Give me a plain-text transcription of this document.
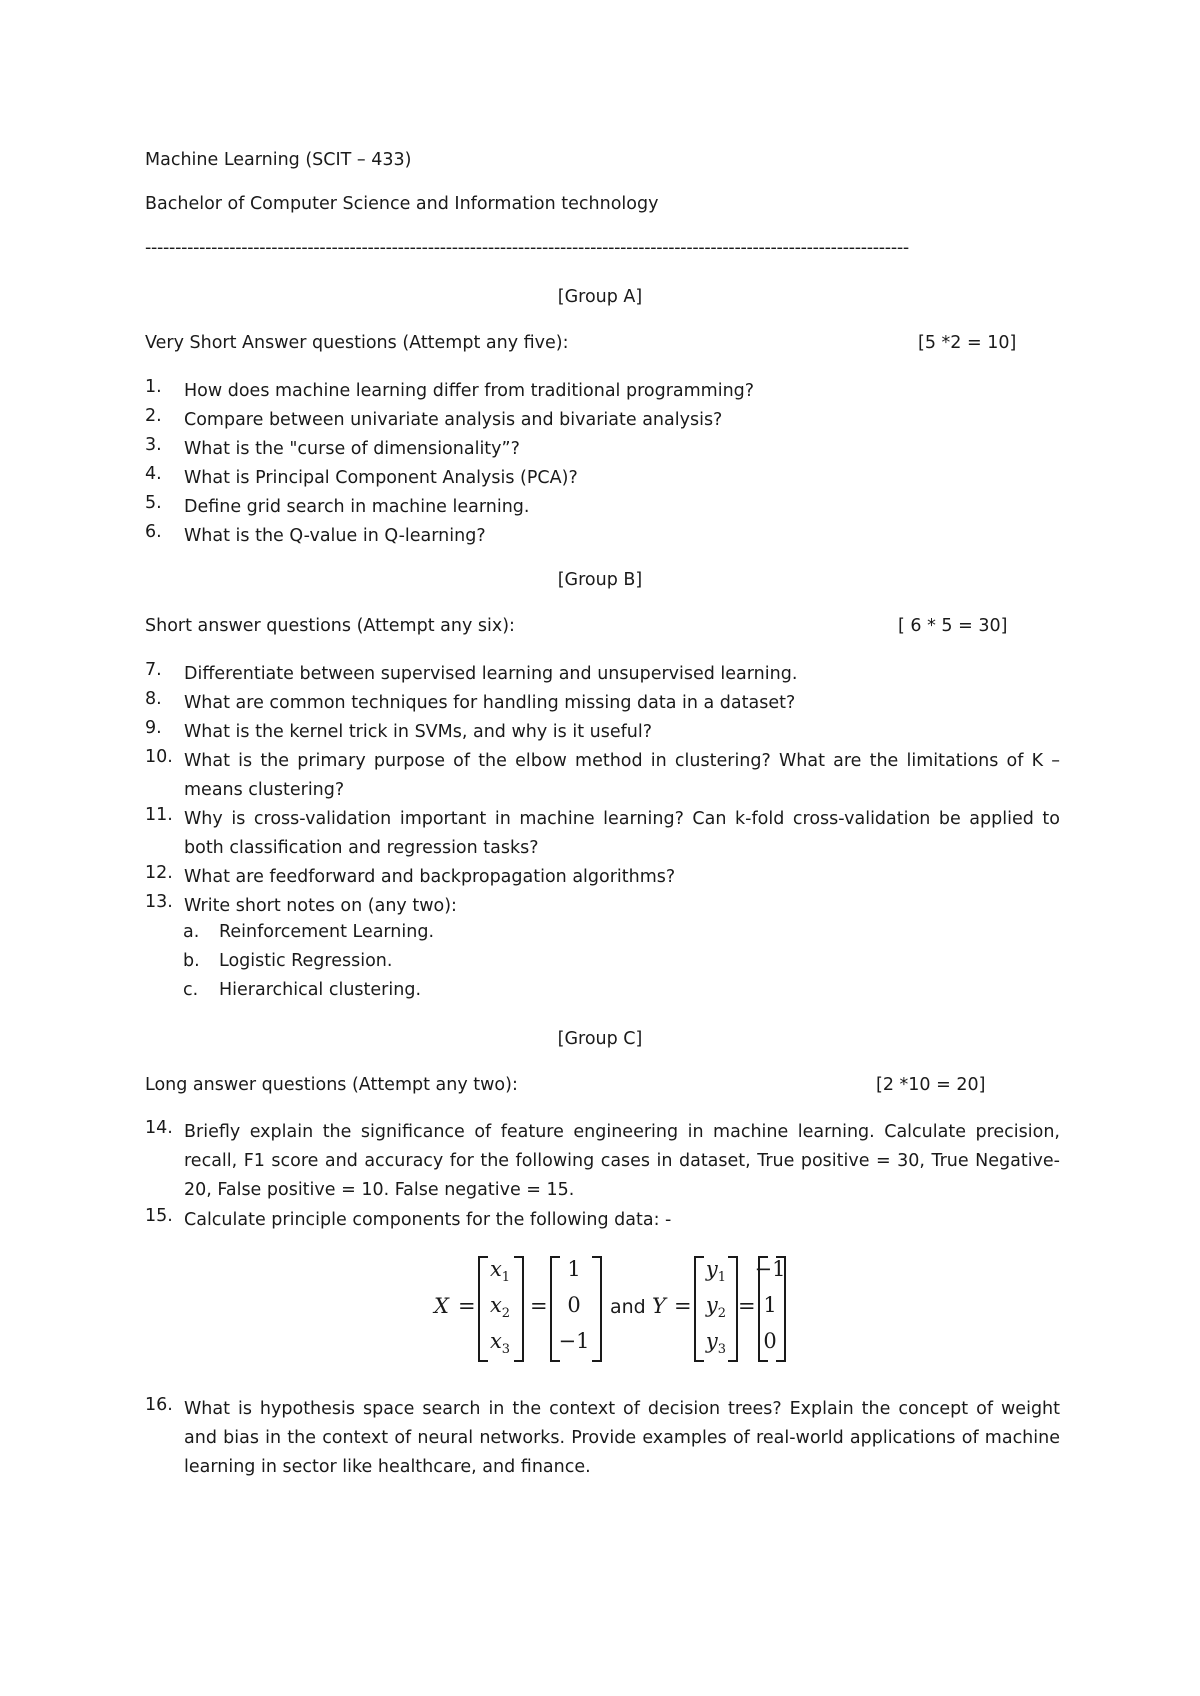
Machine Learning (SCIT – 433)
Bachelor of Computer Science and Information technology
-------------------------------------------------------------------------------------------------------------------------------
[Group A]
Very Short Answer questions (Attempt any five):	[5 *2 = 10]
1. How does machine learning differ from traditional programming?
2. Compare between univariate analysis and bivariate analysis?
3. What is the "curse of dimensionality”?
4. What is Principal Component Analysis (PCA)?
5. Define grid search in machine learning.
6. What is the Q-value in Q-learning?
[Group B]
Short answer questions (Attempt any six):	[ 6 * 5 = 30]
7. Differentiate between supervised learning and unsupervised learning.
8. What are common techniques for handling missing data in a dataset?
9. What is the kernel trick in SVMs, and why is it useful?
10. What is the primary purpose of the elbow method in clustering? What are the limitations of K – means clustering?
11. Why is cross-validation important in machine learning? Can k-fold cross-validation be applied to both classification and regression tasks?
12. What are feedforward and backpropagation algorithms?
13. Write short notes on (any two):
a. Reinforcement Learning.
b. Logistic Regression.
c. Hierarchical clustering.
[Group C]
Long answer questions (Attempt any two):	[2 *10 = 20]
14. Briefly explain the significance of feature engineering in machine learning. Calculate precision, recall, F1 score and accuracy for the following cases in dataset, True positive = 30, True Negative-20, False positive = 10. False negative = 15.
15. Calculate principle components for the following data: -
X =
$x_1$
$x_2$
$x_3$
=
1
0
−1
and Y =
$y_1$
$y_2$
$y_3$
=
−1
1
0
16. What is hypothesis space search in the context of decision trees? Explain the concept of weight and bias in the context of neural networks. Provide examples of real-world applications of machine learning in sector like healthcare, and finance.
